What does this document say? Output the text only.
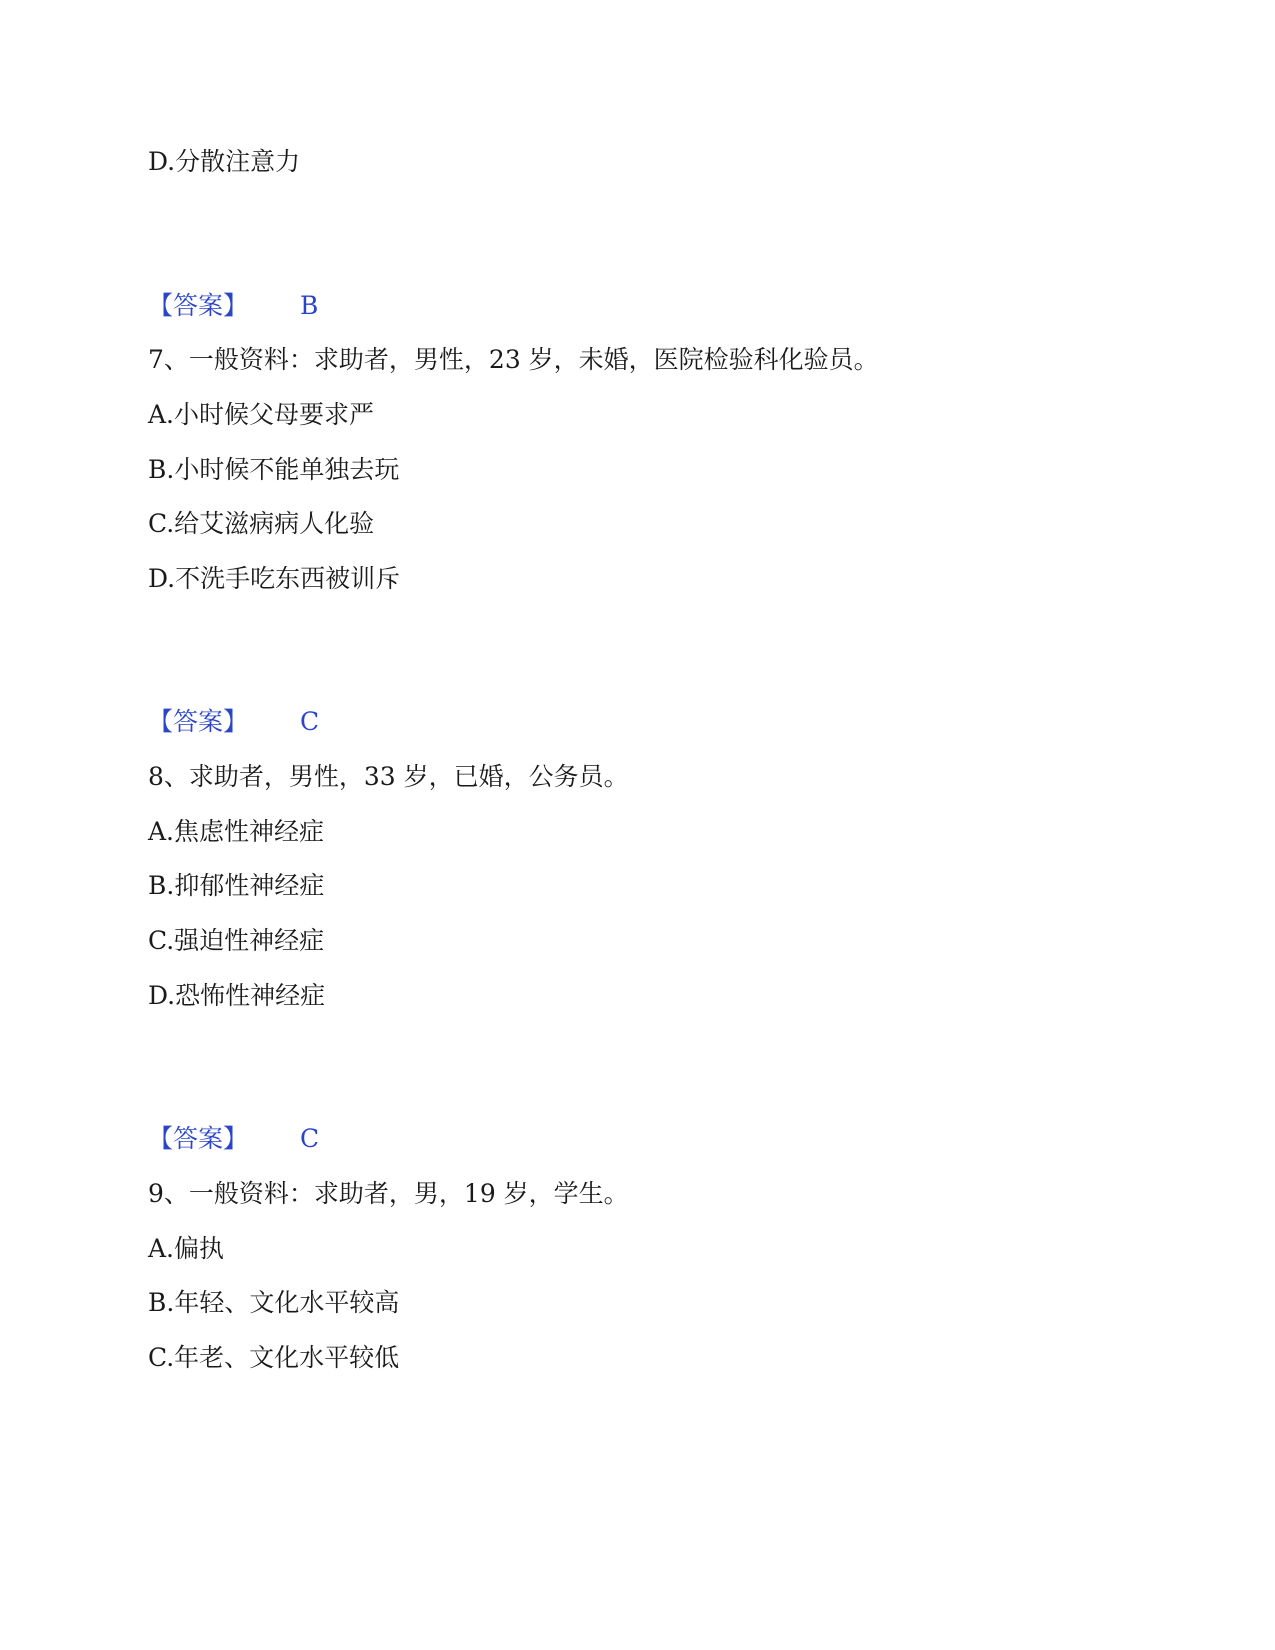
D.分散注意力
【答案】 B
7、一般资料：求助者，男性，23 岁，未婚，医院检验科化验员。
A.小时候父母要求严
B.小时候不能单独去玩
C.给艾滋病病人化验
D.不洗手吃东西被训斥
【答案】 C
8、求助者，男性，33 岁，已婚，公务员。
A.焦虑性神经症
B.抑郁性神经症
C.强迫性神经症
D.恐怖性神经症
【答案】 C
9、一般资料：求助者，男，19 岁，学生。
A.偏执
B.年轻、文化水平较高
C.年老、文化水平较低
